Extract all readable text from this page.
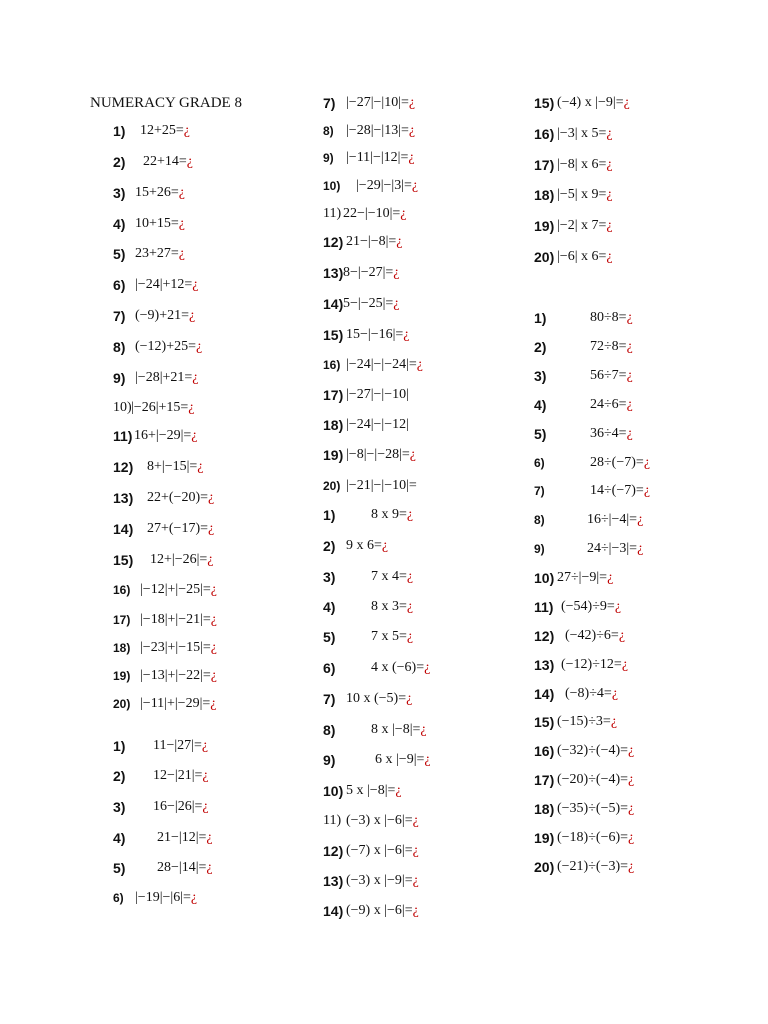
NUMERACY GRADE 8
1) 12+25=¿
2) 22+14=¿
3) 15+26=¿
4) 10+15=¿
5) 23+27=¿
6) |−24|+12=¿
7) (−9)+21=¿
8) (−12)+25=¿
9) |−28|+21=¿
10) |−26|+15=¿
11) 16+|−29|=¿
12) 8+|−15|=¿
13) 22+(−20)=¿
14) 27+(−17)=¿
15) 12+|−26|=¿
16) |−12|+|−25|=¿
17) |−18|+|−21|=¿
18) |−23|+|−15|=¿
19) |−13|+|−22|=¿
20) |−11|+|−29|=¿
1) 11−|27|=¿
2) 12−|21|=¿
3) 16−|26|=¿
4) 21−|12|=¿
5) 28−|14|=¿
6) |−19|−|6|=¿
7) |−27|−|10|=¿
8) |−28|−|13|=¿
9) |−11|−|12|=¿
10) |−29|−|3|=¿
11) 22−|−10|=¿
12) 21−|−8|=¿
13) 8−|−27|=¿
14) 5−|−25|=¿
15) 15−|−16|=¿
16) |−24|−|−24|=¿
17) |−27|−|−10|
18) |−24|−|−12|
19) |−8|−|−28|=¿
20) |−21|−|−10|=
1)	8 x 9=¿
2) 9 x 6=¿
3)	7 x 4=¿
4)	8 x 3=¿
5)	7 x 5=¿
6)	4 x (−6)=¿
7) 10 x (−5)=¿
8)	8 x |−8|=¿
9)	6 x |−9|=¿
10) 5 x |−8|=¿
11) (−3) x |−6|=¿
12) (−7) x |−6|=¿
13) (−3) x |−9|=¿
14) (−9) x |−6|=¿
15) (−4) x |−9|=¿
16) |−3| x 5=¿
17) |−8| x 6=¿
18) |−5| x 9=¿
19) |−2| x 7=¿
20) |−6| x 6=¿
1)	80÷8=¿
2)	72÷8=¿
3)	56÷7=¿
4)	24÷6=¿
5)	36÷4=¿
6)	28÷(−7)=¿
7)	14÷(−7)=¿
8)	16÷|−4|=¿
9)	24÷|−3|=¿
10) 27÷|−9|=¿
11) (−54)÷9=¿
12) (−42)÷6=¿
13) (−12)÷12=¿
14) (−8)÷4=¿
15) (−15)÷3=¿
16) (−32)÷(−4)=¿
17) (−20)÷(−4)=¿
18) (−35)÷(−5)=¿
19) (−18)÷(−6)=¿
20) (−21)÷(−3)=¿
